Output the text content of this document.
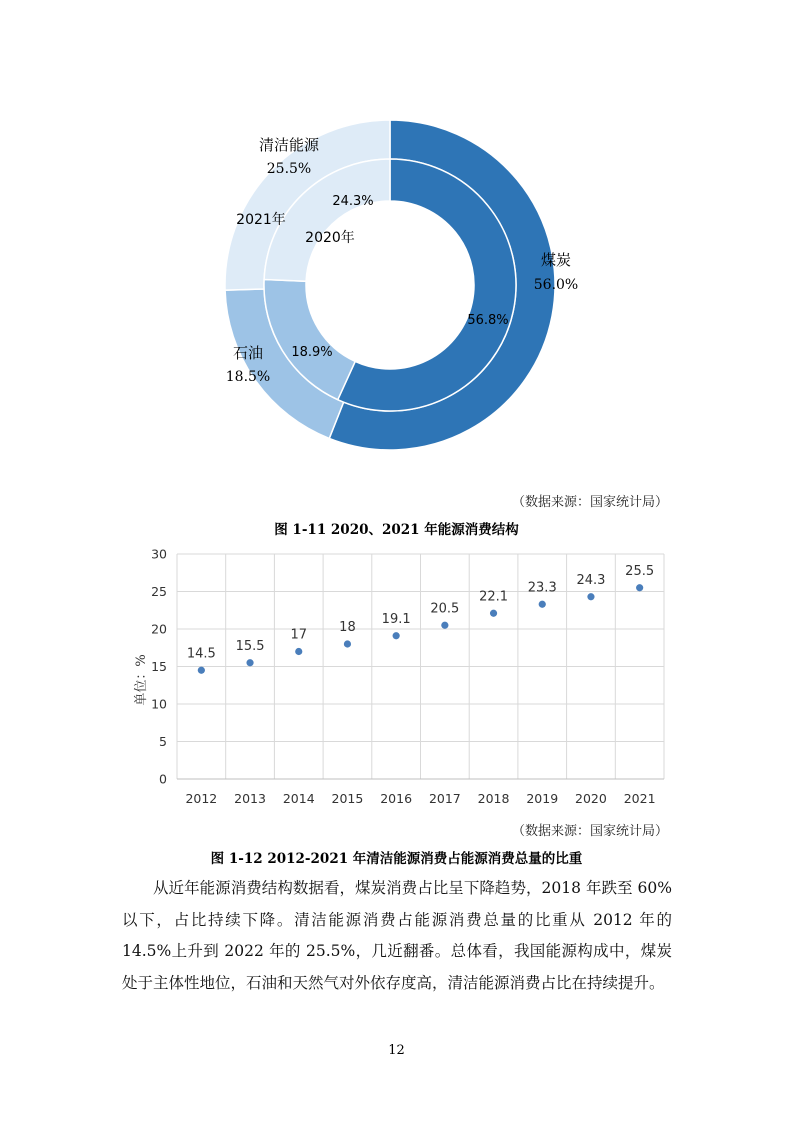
清洁能源
25.5%
2021年
24.3%
2020年
煤炭
56.0%
56.8%
石油
18.5%
18.9%
（数据来源：国家统计局）
图 1-11 2020、2021 年能源消费结构
0
5
10
15
20
25
30
2012
14.5
2013
15.5
2014
17
2015
18
2016
19.1
2017
20.5
2018
22.1
2019
23.3
2020
24.3
2021
25.5
单位：%
（数据来源：国家统计局）
图 1-12 2012-2021 年清洁能源消费占能源消费总量的比重

从近年能源消费结构数据看，煤炭消费占比呈下降趋势，2018 年跌至 60%以下，占比持续下降。清洁能源消费占能源消费总量的比重从 2012 年的 14.5%上升到 2022 年的 25.5%，几近翻番。总体看，我国能源构成中，煤炭处于主体性地位，石油和天然气对外依存度高，清洁能源消费占比在持续提升。

12
